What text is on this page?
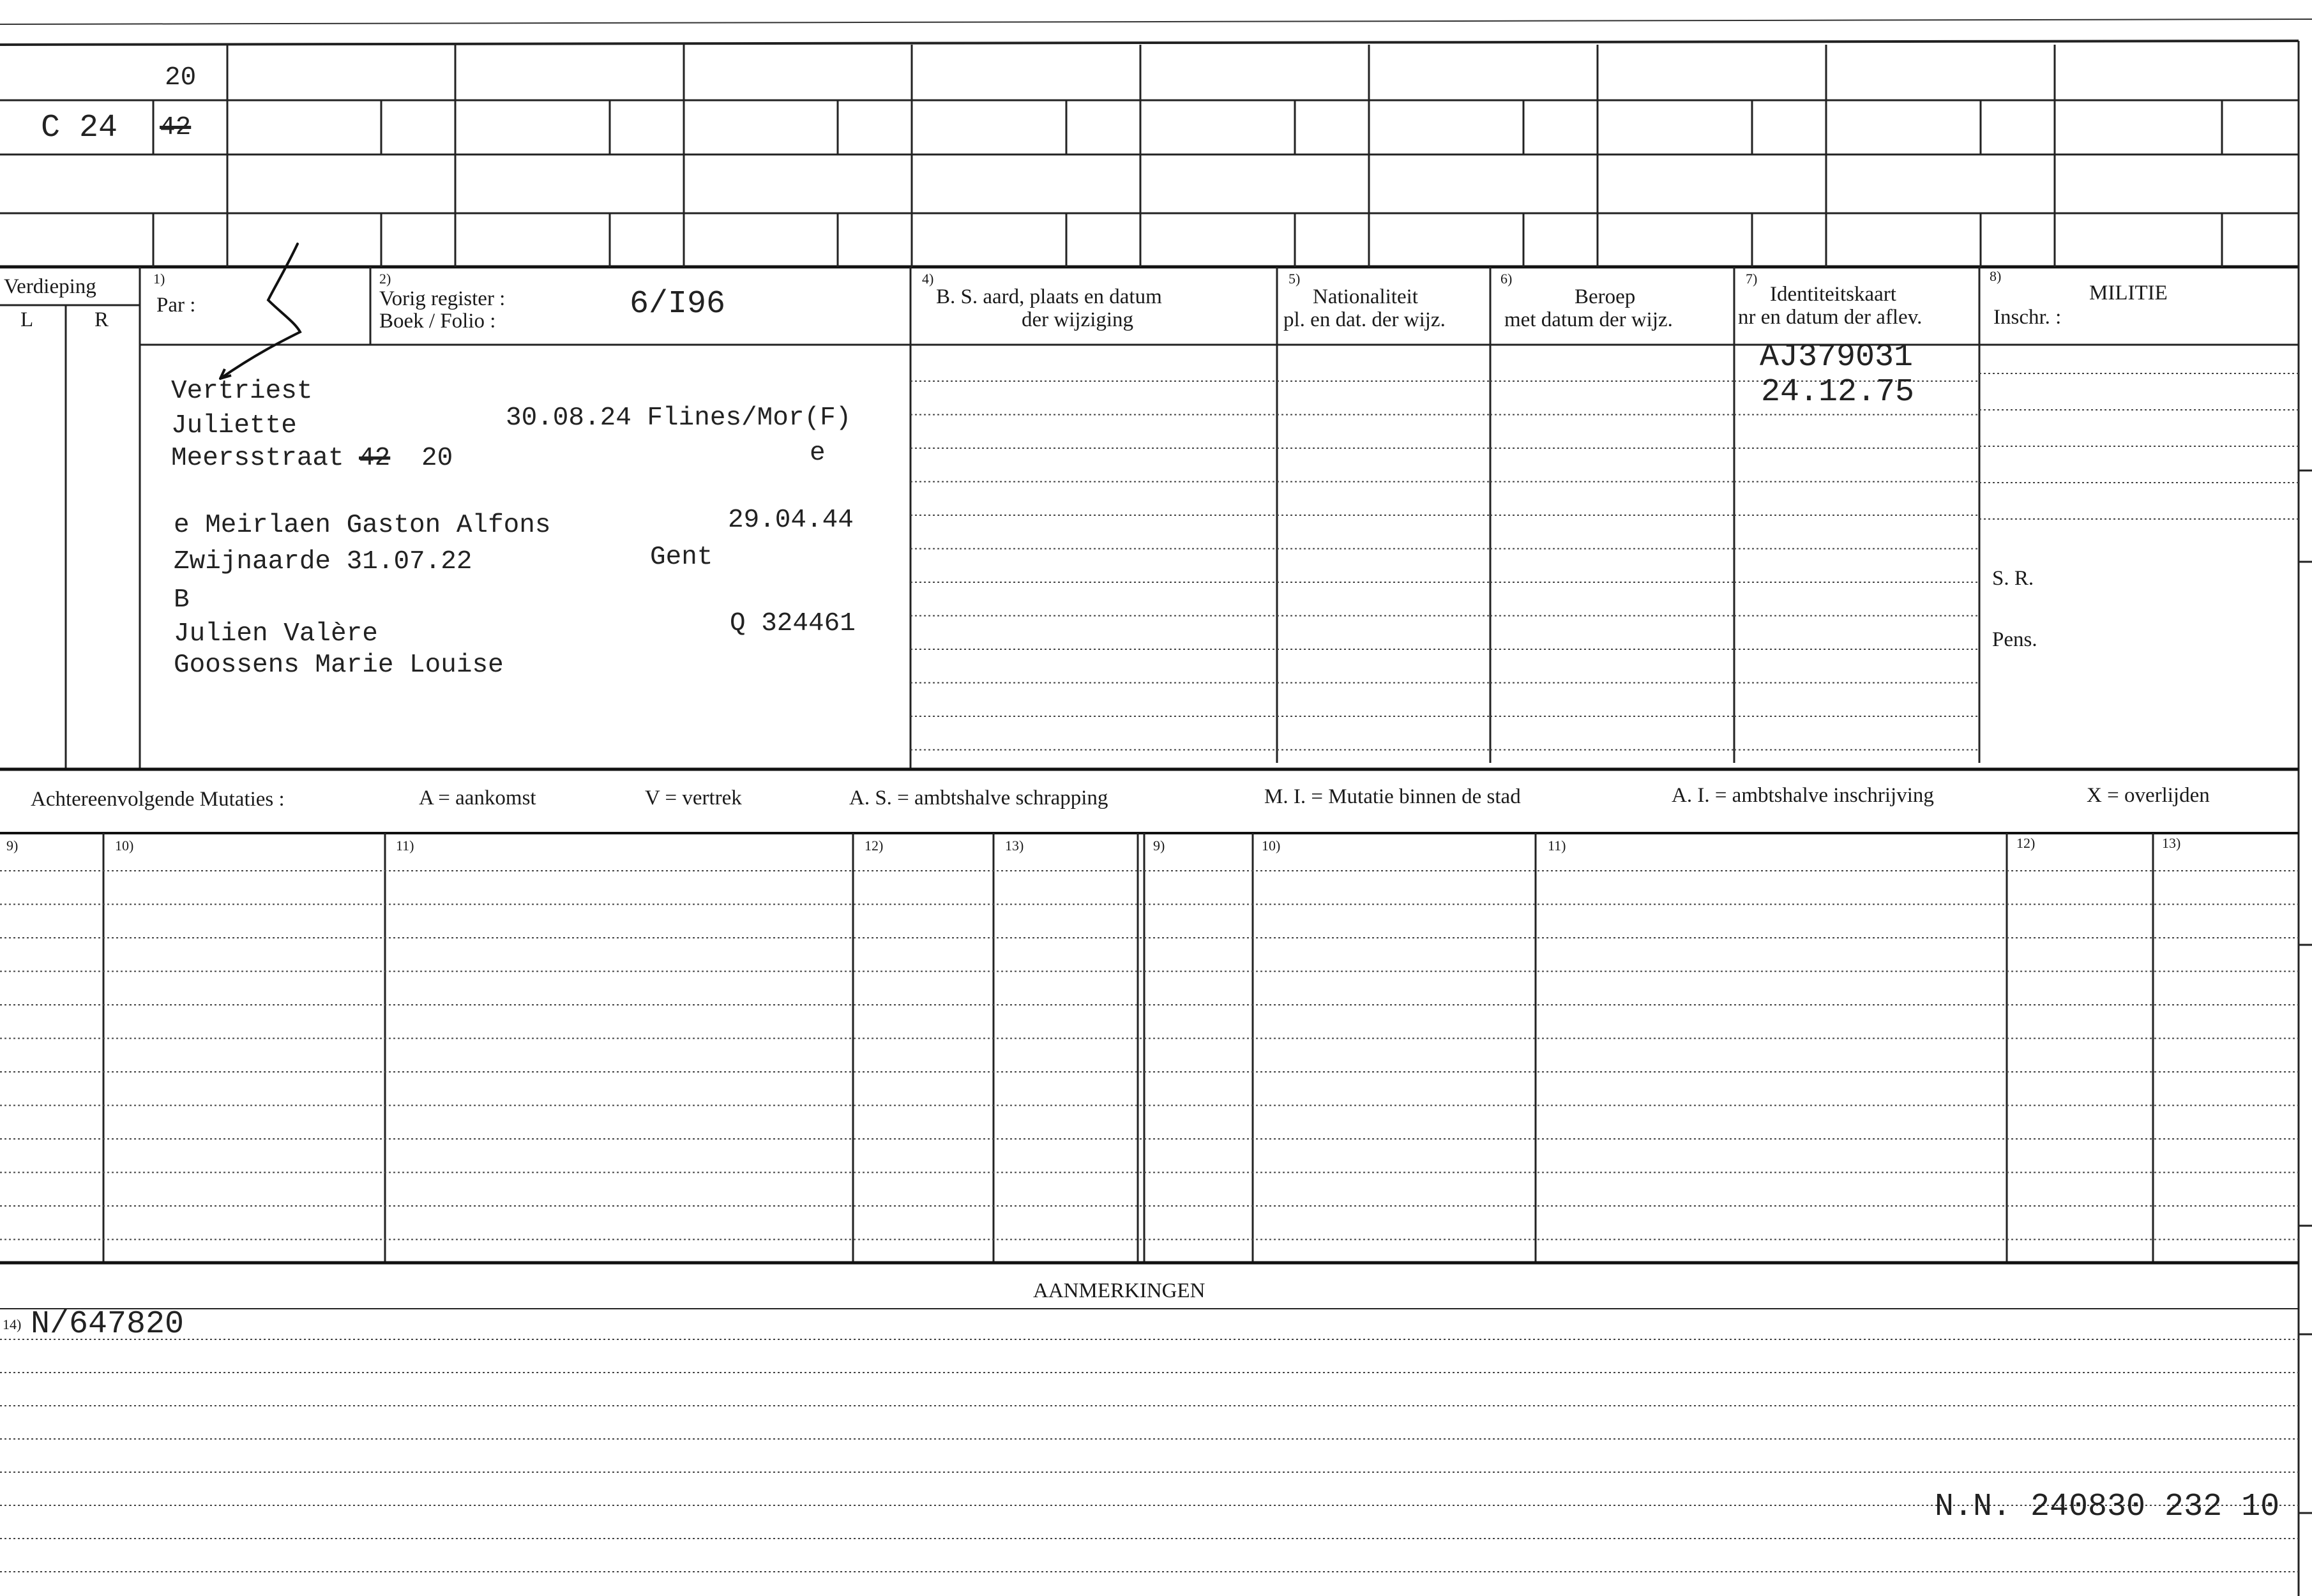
20
C 24 42
Verdieping
L	R
1)
Par :
2)
Vorig register :
Boek / Folio :	6/I96
4)
B. S. aard, plaats en datum
der wijziging
5)
Nationaliteit
pl. en dat. der wijz.
6)
Beroep
met datum der wijz.
7)
Identiteitskaart
nr en datum der aflev.
8)
MILITIE
Inschr. :
S. R.
Pens.
Vertriest
Juliette	30.08.24 Flines/Mor(F)
Meersstraat 42 20	e
e Meirlaen Gaston Alfons	29.04.44
Zwijnaarde 31.07.22	Gent
B
Julien Valère	Q 324461
Goossens Marie Louise
AJ379031
24.12.75
Achtereenvolgende Mutaties :	A = aankomst	V = vertrek	A. S. = ambtshalve schrapping	M. I. = Mutatie binnen de stad	A. I. = ambtshalve inschrijving	X = overlijden
9)	10)	11)	12)	13)	9)	10)	11)	12)	13)
AANMERKINGEN
14) N/647820
N.N. 240830 232 10
